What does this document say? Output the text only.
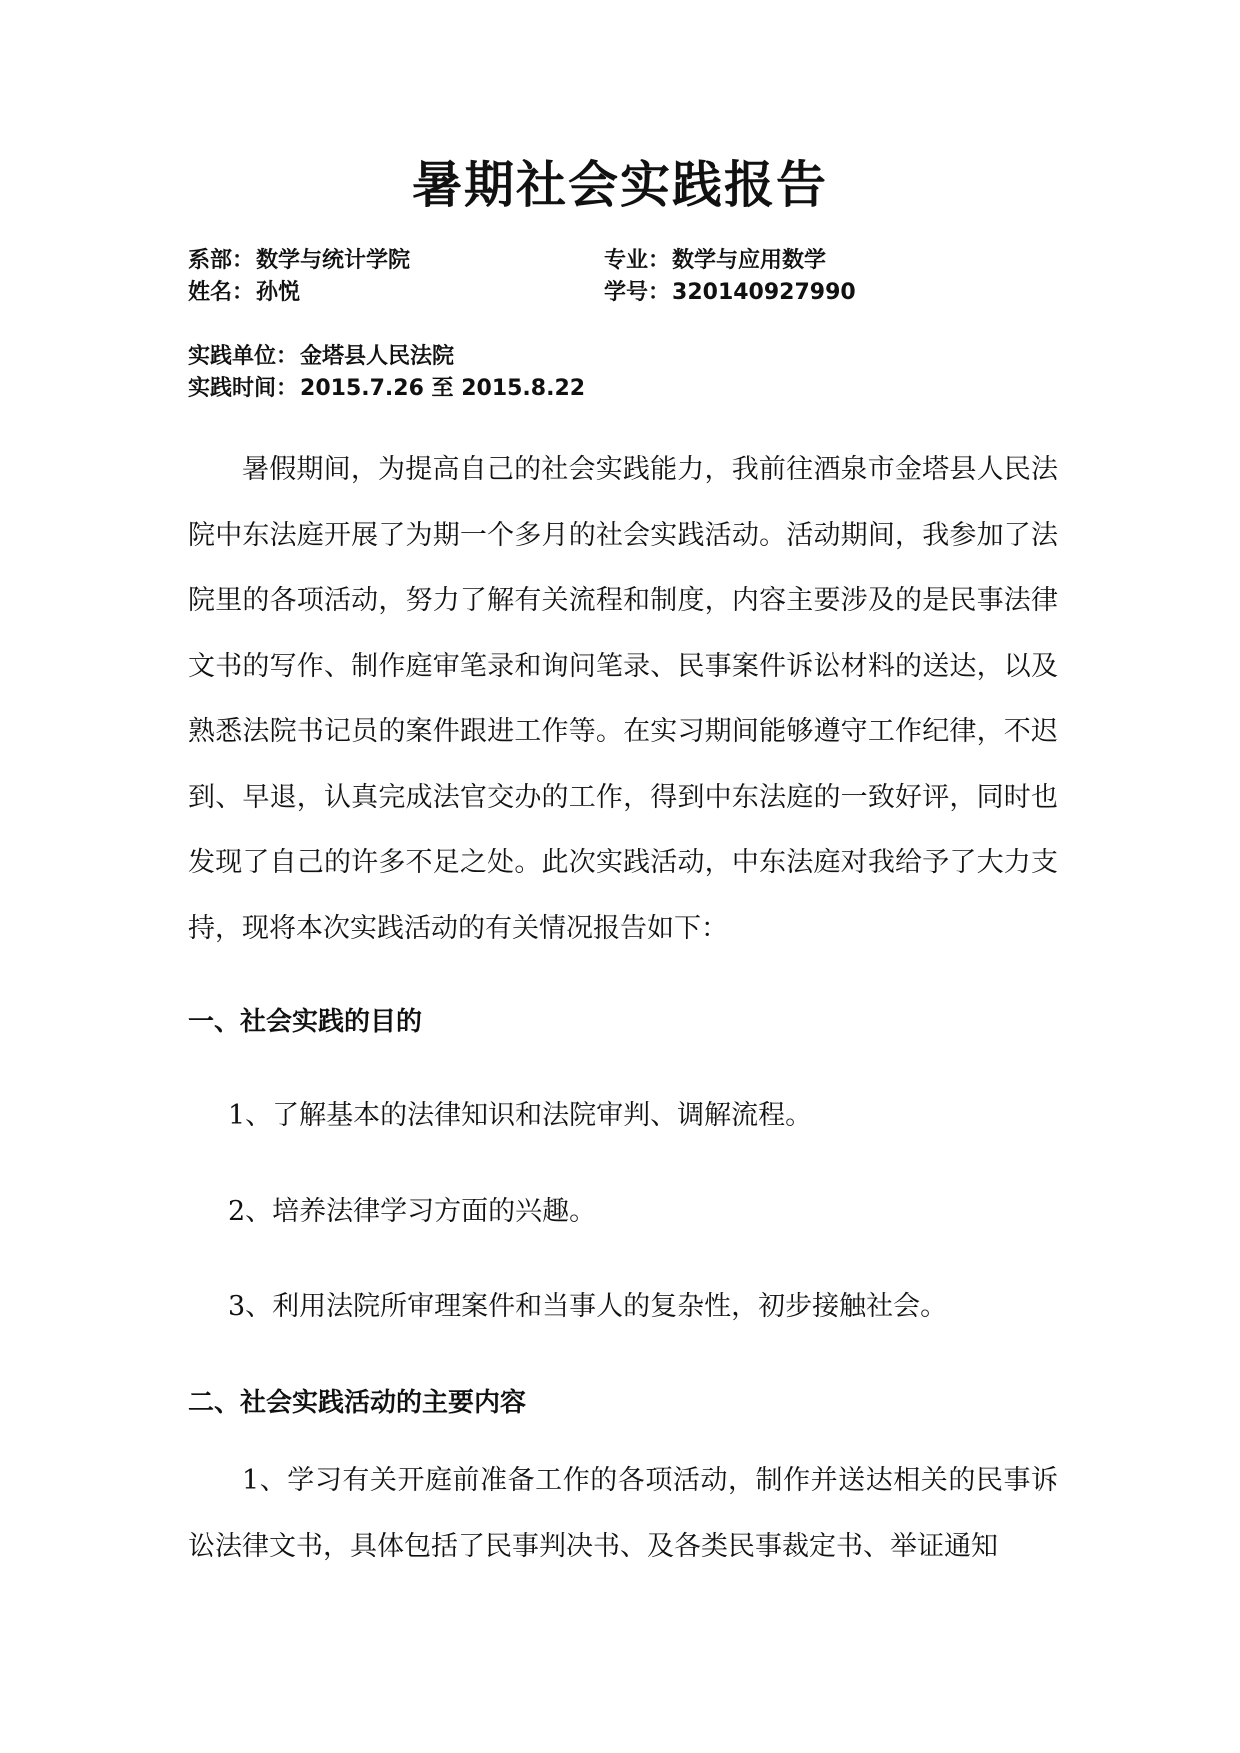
暑期社会实践报告
系部：数学与统计学院	专业：数学与应用数学
姓名：孙悦	学号：320140927990
实践单位：金塔县人民法院
实践时间：2015.7.26 至 2015.8.22
暑假期间，为提高自己的社会实践能力，我前往酒泉市金塔县人民法院中东法庭开展了为期一个多月的社会实践活动。活动期间，我参加了法院里的各项活动，努力了解有关流程和制度，内容主要涉及的是民事法律文书的写作、制作庭审笔录和询问笔录、民事案件诉讼材料的送达，以及熟悉法院书记员的案件跟进工作等。在实习期间能够遵守工作纪律，不迟到、早退，认真完成法官交办的工作，得到中东法庭的一致好评，同时也发现了自己的许多不足之处。此次实践活动，中东法庭对我给予了大力支持，现将本次实践活动的有关情况报告如下：
一、社会实践的目的
1、了解基本的法律知识和法院审判、调解流程。
2、培养法律学习方面的兴趣。
3、利用法院所审理案件和当事人的复杂性，初步接触社会。
二、社会实践活动的主要内容
1、学习有关开庭前准备工作的各项活动，制作并送达相关的民事诉讼法律文书，具体包括了民事判决书、及各类民事裁定书、举证通知
